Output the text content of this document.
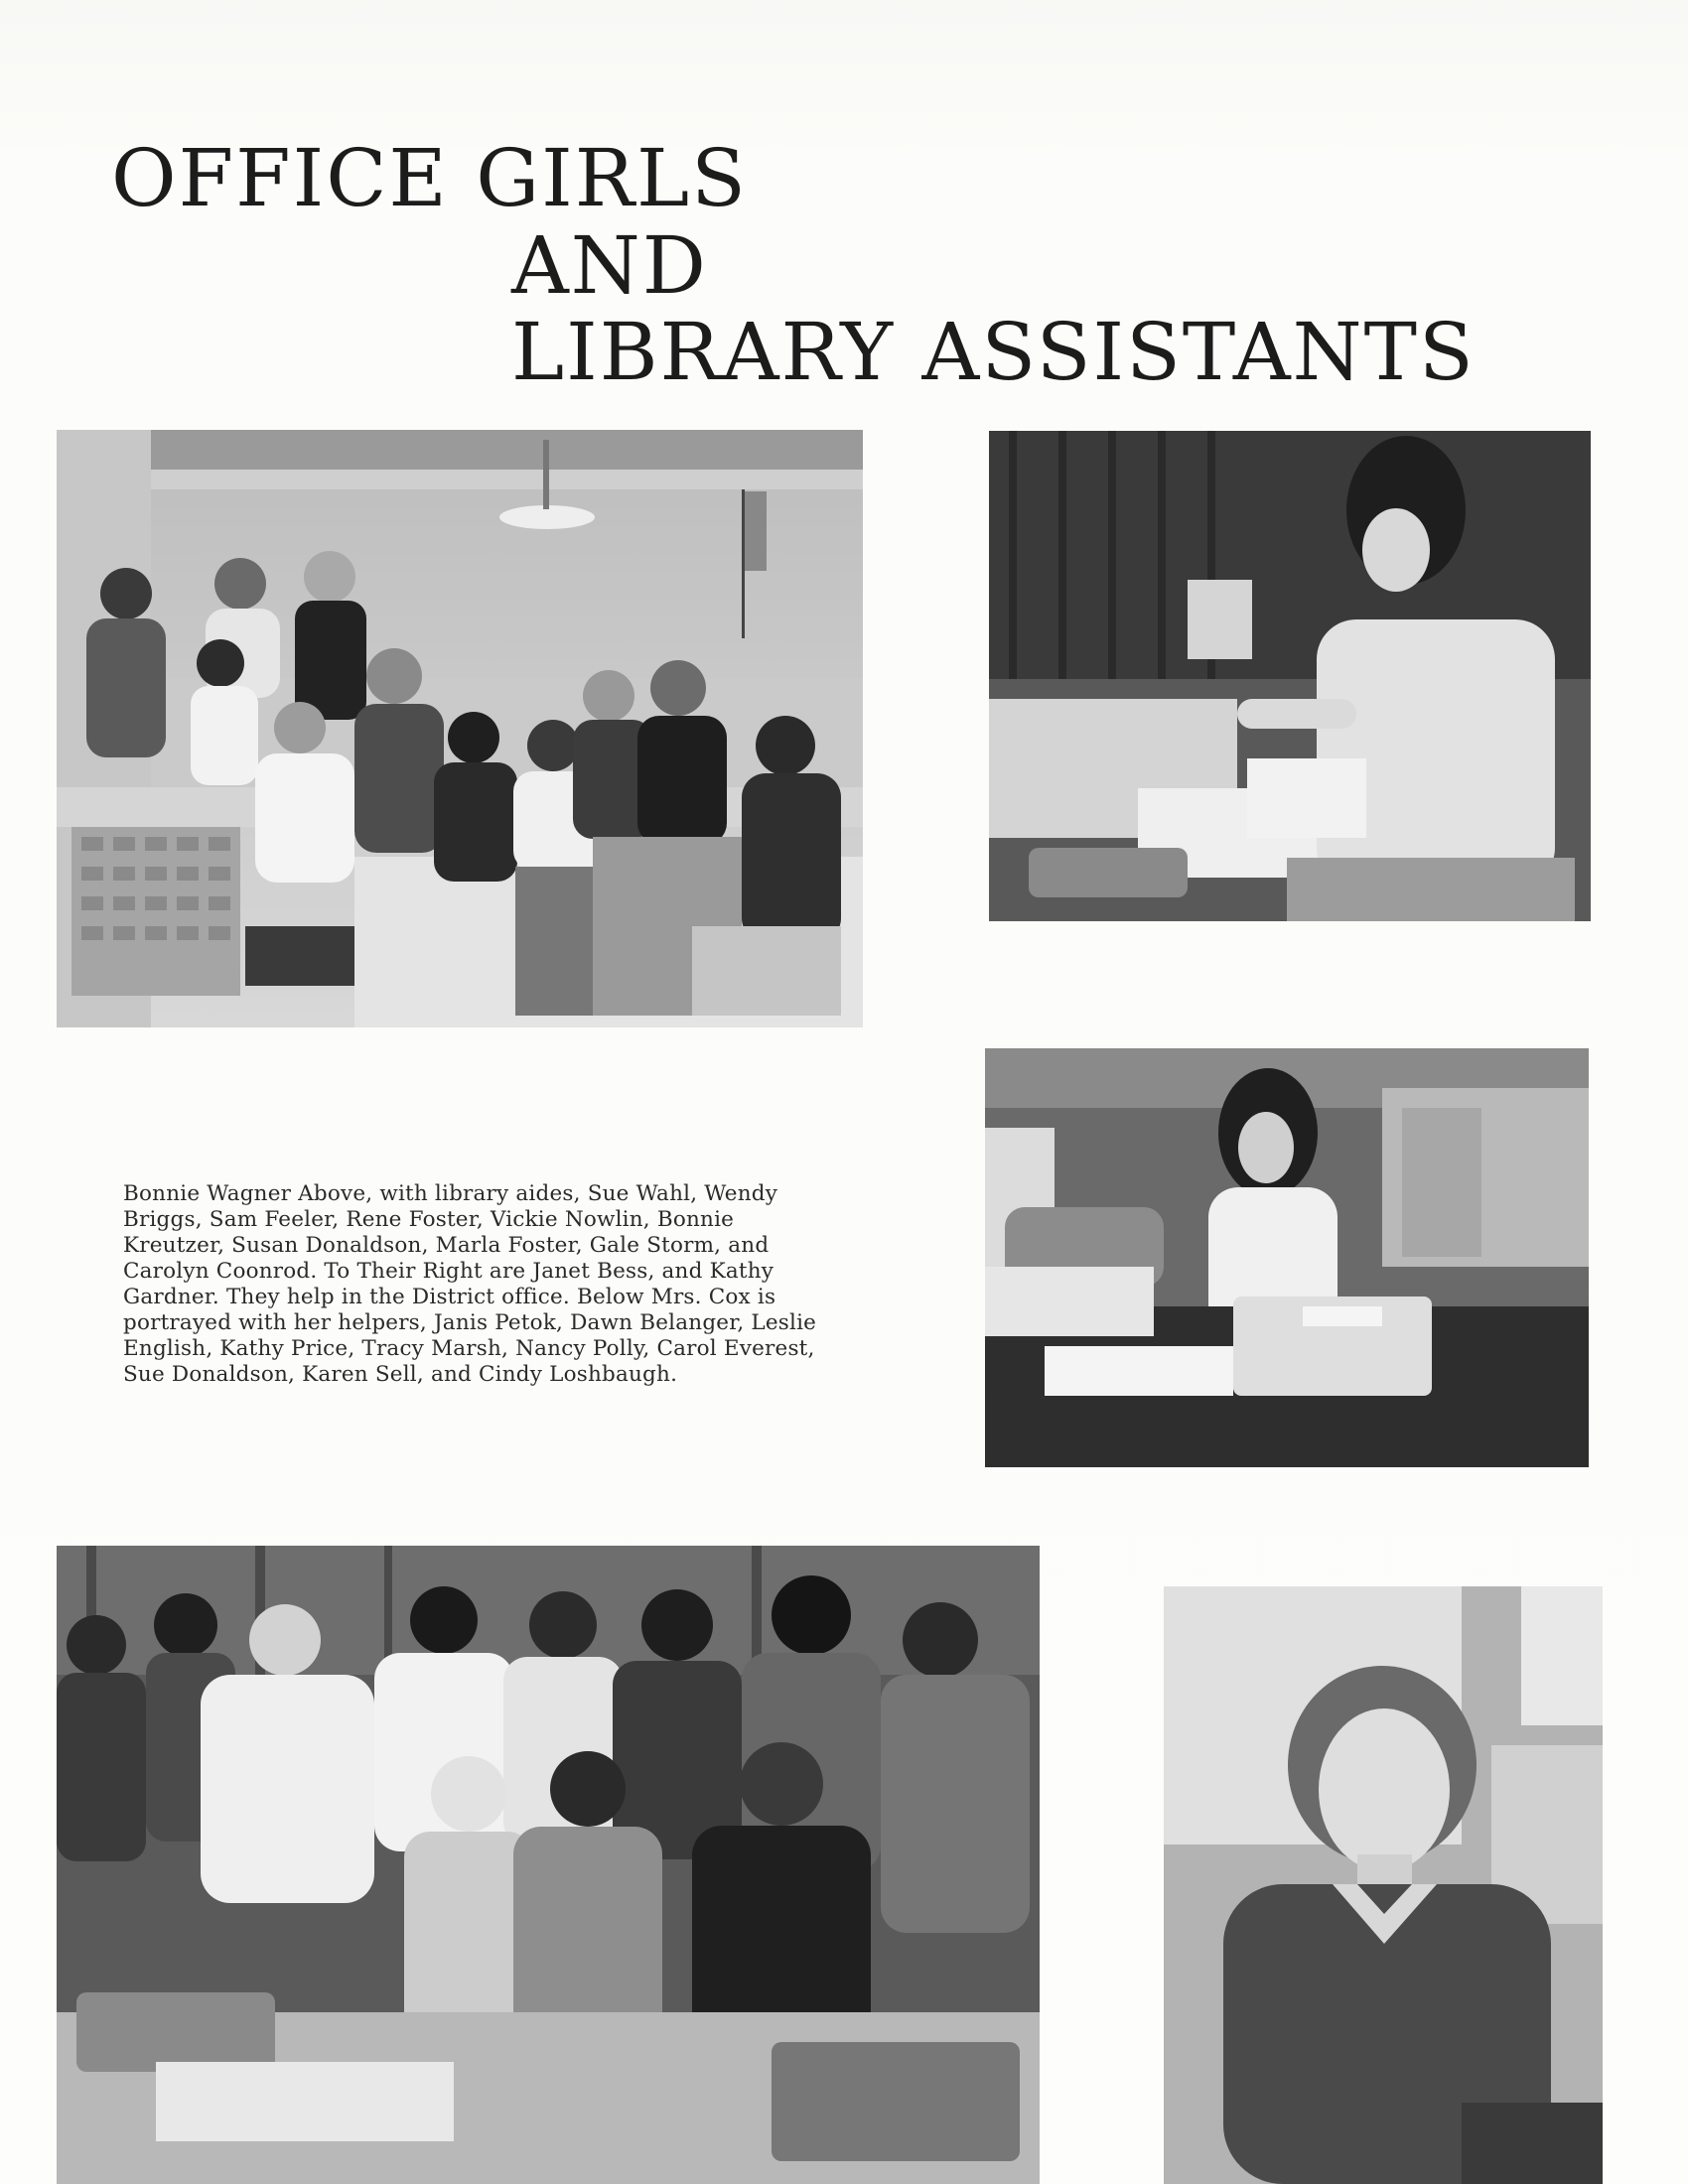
OFFICE GIRLS
AND
LIBRARY ASSISTANTS

Bonnie Wagner Above, with library aides, Sue Wahl, Wendy
Briggs, Sam Feeler, Rene Foster, Vickie Nowlin, Bonnie
Kreutzer, Susan Donaldson, Marla Foster, Gale Storm, and
Carolyn Coonrod. To Their Right are Janet Bess, and Kathy
Gardner. They help in the District office. Below Mrs. Cox is
portrayed with her helpers, Janis Petok, Dawn Belanger, Leslie
English, Kathy Price, Tracy Marsh, Nancy Polly, Carol Everest,
Sue Donaldson, Karen Sell, and Cindy Loshbaugh.
